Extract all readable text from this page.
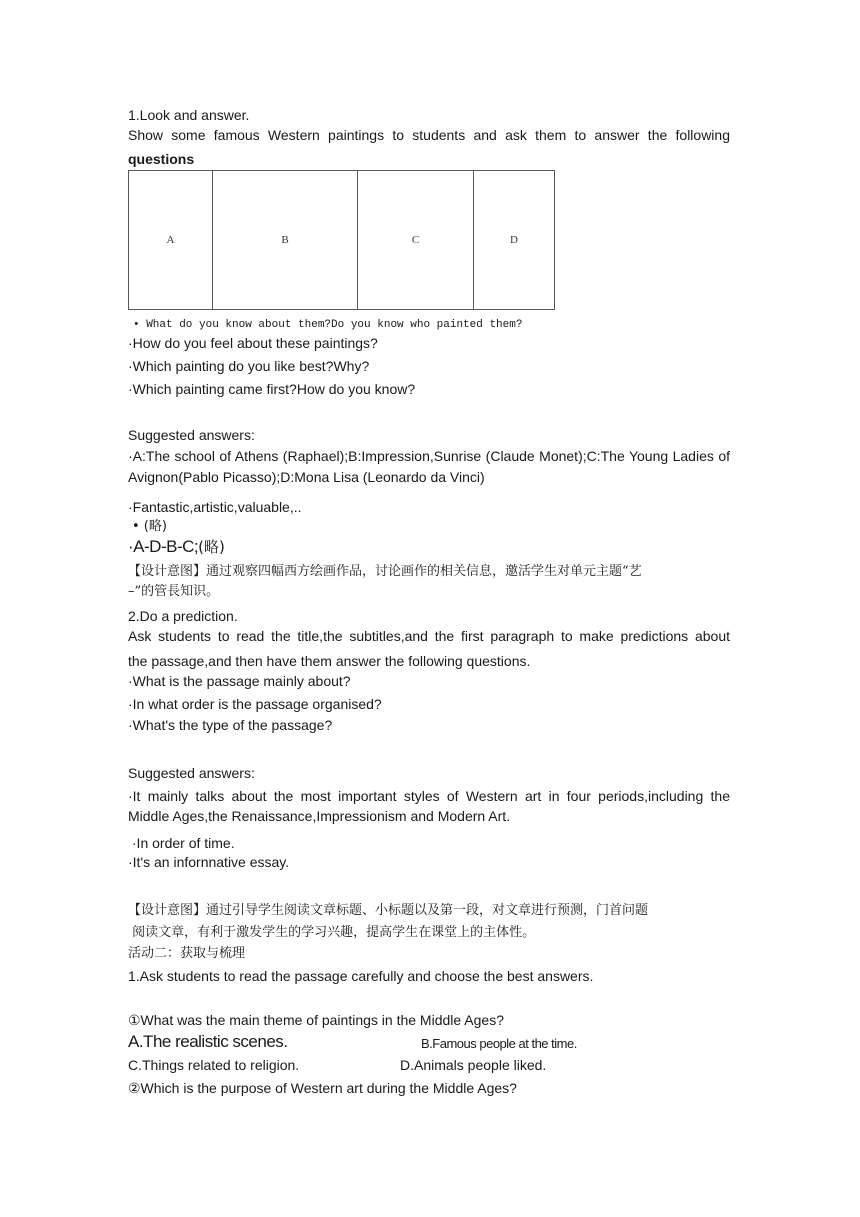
1.Look and answer.
Show some famous Western paintings to students and ask them to answer the following
questions
A	B	C	D
• What do you know about them?Do you know who painted them?
·How do you feel about these paintings?
·Which painting do you like best?Why?
·Which painting came first?How do you know?
Suggested answers:
·A:The school of Athens (Raphael);B:Impression,Sunrise (Claude Monet);C:The Young Ladies of
Avignon(Pablo Picasso);D:Mona Lisa (Leonardo da Vinci)
·Fantastic,artistic,valuable,..
• (略)
·A-D-B-C;(略)
【设计意图】通过观察四幅西方绘画作品，讨论画作的相关信息，邀活学生对单元主题“艺
–”的管長知识。
2.Do a prediction.
Ask students to read the title,the subtitles,and the first paragraph to make predictions about
the passage,and then have them answer the following questions.
·What is the passage mainly about?
·In what order is the passage organised?
·What's the type of the passage?
Suggested answers:
·It mainly talks about the most important styles of Western art in four periods,including the
Middle Ages,the Renaissance,Impressionism and Modern Art.
·In order of time.
·It's an infornnative essay.
【设计意图】通过引导学生阅读文章标题、小标题以及第一段，对文章进行预测，门首问题
阅读文章，有利于激发学生的学习兴趣，提高学生在课堂上的主体性。
活动二：获取与梳理
1.Ask students to read the passage carefully and choose the best answers.
①What was the main theme of paintings in the Middle Ages?
A.The realistic scenes.	B.Famous people at the time.
C.Things related to religion.	D.Animals people liked.
②Which is the purpose of Western art during the Middle Ages?
